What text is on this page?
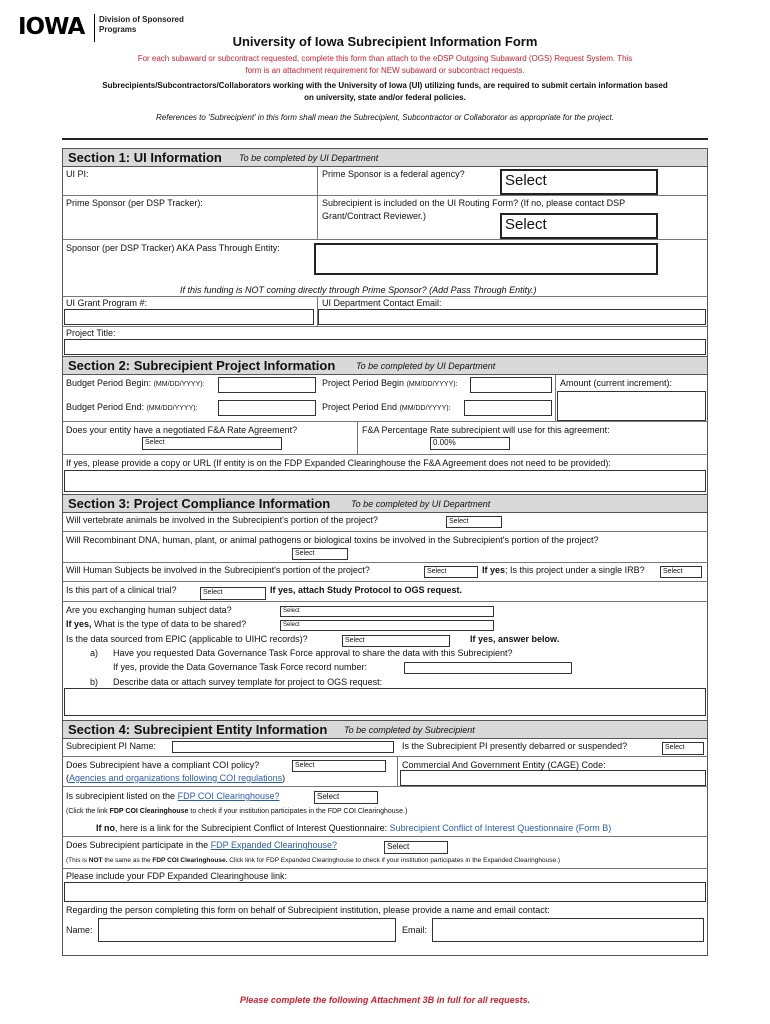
IOWA Division of Sponsored Programs
University of Iowa Subrecipient Information Form
For each subaward or subcontract requested, complete this form than attach to the eDSP Outgoing Subaward (OGS) Request System. This
form is an attachment requirement for NEW subaward or subcontract requests.
Subrecipients/Subcontractors/Collaborators working with the University of Iowa (UI) utilizing funds, are required to submit certain information based
on university, state and/or federal policies.
References to 'Subrecipient' in this form shall mean the Subrecipient, Subcontractor or Collaborator as appropriate for the project.
Section 1: UI Information To be completed by UI Department
UI PI:	Prime Sponsor is a federal agency?	Select
Prime Sponsor (per DSP Tracker):	Subrecipient is included on the UI Routing Form? (If no, please contact DSP
Grant/Contract Reviewer.)	Select
Sponsor (per DSP Tracker) AKA Pass Through Entity:
If this funding is NOT coming directly through Prime Sponsor? (Add Pass Through Entity.)
UI Grant Program #:	UI Department Contact Email:
Project Title:
Section 2: Subrecipient Project Information To be completed by UI Department
Budget Period Begin: (MM/DD/YYYY):	Project Period Begin (MM/DD/YYYY):	Amount (current increment):
Budget Period End: (MM/DD/YYYY):	Project Period End (MM/DD/YYYY):
Does your entity have a negotiated F&A Rate Agreement?
Select
F&A Percentage Rate subrecipient will use for this agreement:
0.00%
If yes, please provide a copy or URL (If entity is on the FDP Expanded Clearinghouse the F&A Agreement does not need to be provided):
Section 3: Project Compliance Information To be completed by UI Department
Will vertebrate animals be involved in the Subrecipient's portion of the project?	Select
Will Recombinant DNA, human, plant, or animal pathogens or biological toxins be involved in the Subrecipient's portion of the project?
Select
Will Human Subjects be involved in the Subrecipient's portion of the project?	Select	If yes; Is this project under a single IRB?	Select
Is this part of a clinical trial?	Select	If yes, attach Study Protocol to OGS request.
Are you exchanging human subject data?	Select
If yes, What is the type of data to be shared?	Select
Is the data sourced from EPIC (applicable to UIHC records)?	Select	If yes, answer below.
a) Have you requested Data Governance Task Force approval to share the data with this Subrecipient?
If yes, provide the Data Governance Task Force record number:
b) Describe data or attach survey template for project to OGS request:
Section 4: Subrecipient Entity Information To be completed by Subrecipient
Subrecipient PI Name:	Is the Subrecipient PI presently debarred or suspended?	Select
Does Subrecipient have a compliant COI policy?	Select
(Agencies and organizations following COI regulations)
Commercial And Government Entity (CAGE) Code:
Is subrecipient listed on the FDP COI Clearinghouse?	Select
(Click the link FDP COI Clearinghouse to check if your institution participates in the FDP COI Clearinghouse.)
If no, here is a link for the Subrecipient Conflict of Interest Questionnaire: Subrecipient Conflict of Interest Questionnaire (Form B)
Does Subrecipient participate in the FDP Expanded Clearinghouse?	Select
(This is NOT the same as the FDP COI Clearinghouse. Click link for FDP Expanded Clearinghouse to check if your institution participates in the Expanded Clearinghouse.)
Please include your FDP Expanded Clearinghouse link:
Regarding the person completing this form on behalf of Subrecipient institution, please provide a name and email contact:
Name:	Email:
Please complete the following Attachment 3B in full for all requests.
